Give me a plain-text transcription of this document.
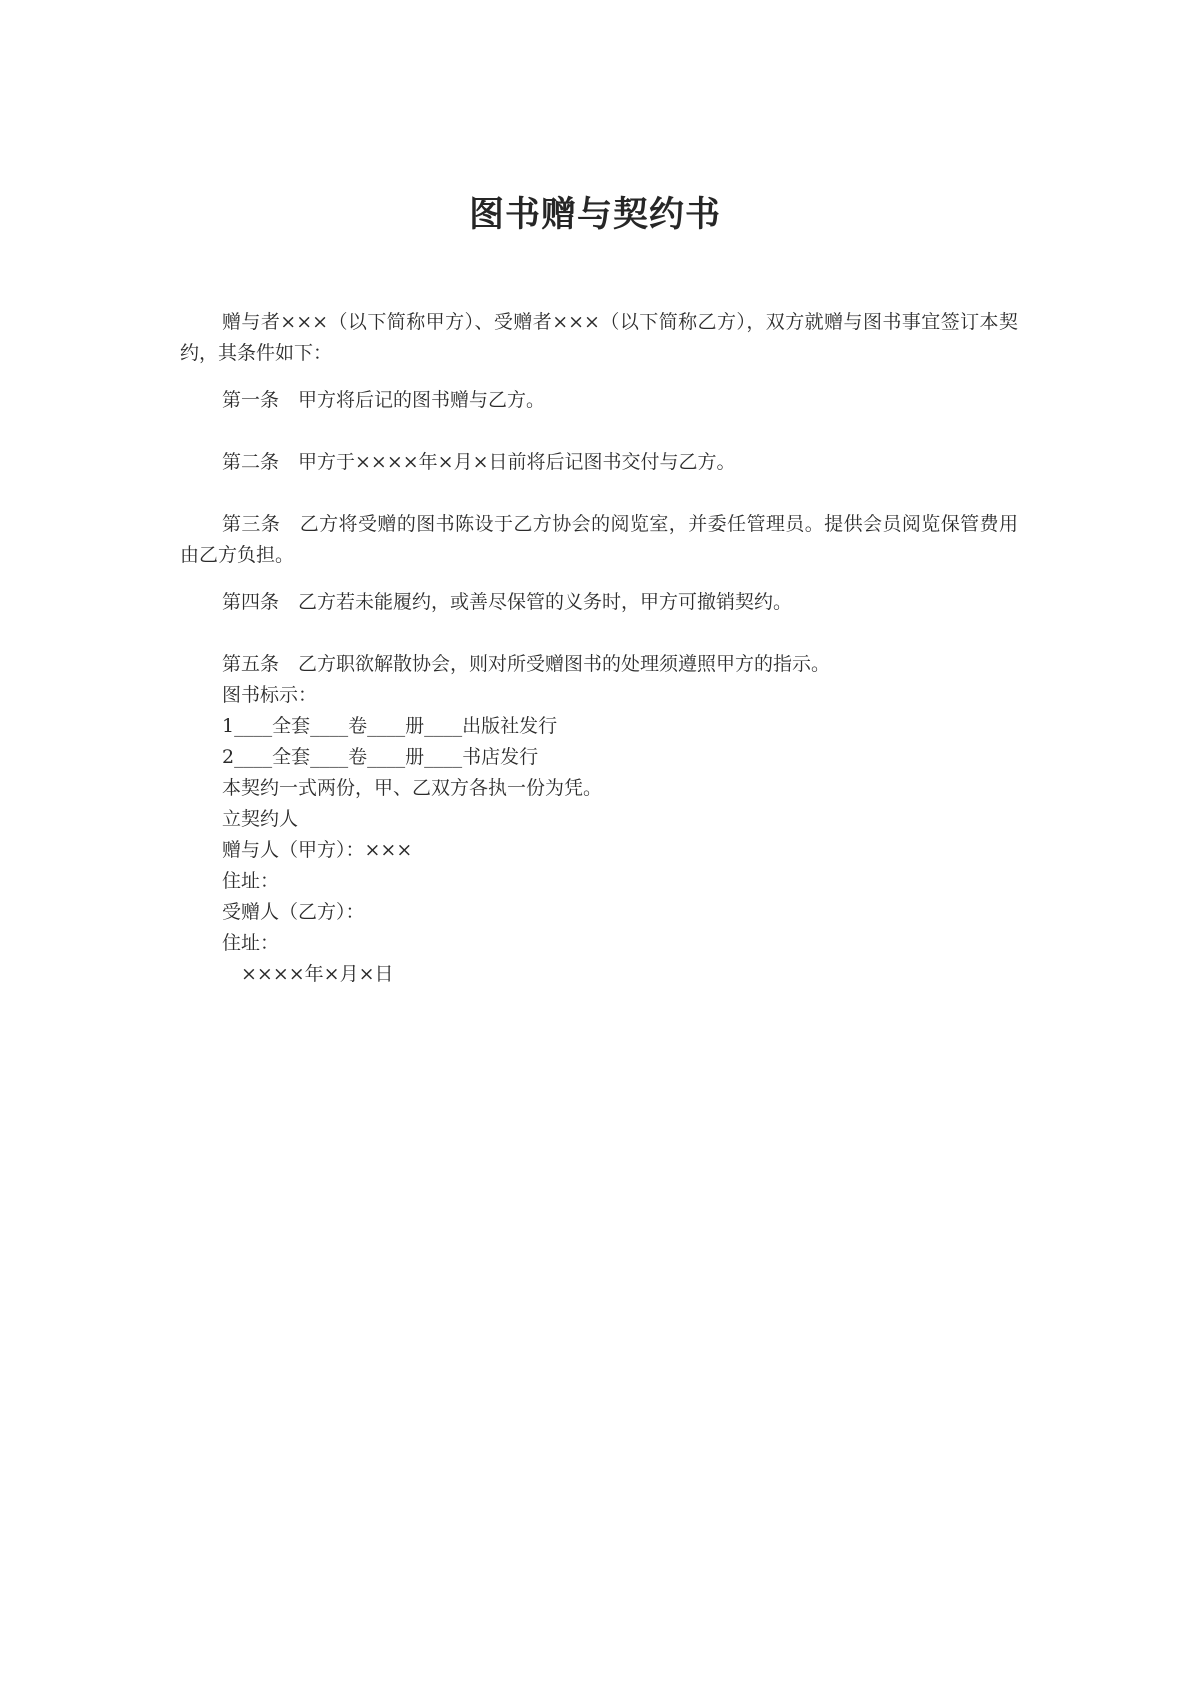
图书赠与契约书

赠与者×××（以下简称甲方）、受赠者×××（以下简称乙方），双方就赠与图书事宜签订本契约，其条件如下：

第一条　甲方将后记的图书赠与乙方。

第二条　甲方于××××年×月×日前将后记图书交付与乙方。

第三条　乙方将受赠的图书陈设于乙方协会的阅览室，并委任管理员。提供会员阅览保管费用由乙方负担。

第四条　乙方若未能履约，或善尽保管的义务时，甲方可撤销契约。

第五条　乙方职欲解散协会，则对所受赠图书的处理须遵照甲方的指示。

图书标示：

1____全套____卷____册____出版社发行

2____全套____卷____册____书店发行

本契约一式两份，甲、乙双方各执一份为凭。

立契约人

赠与人（甲方）：×××

住址：

受赠人（乙方）：

住址：

　××××年×月×日
